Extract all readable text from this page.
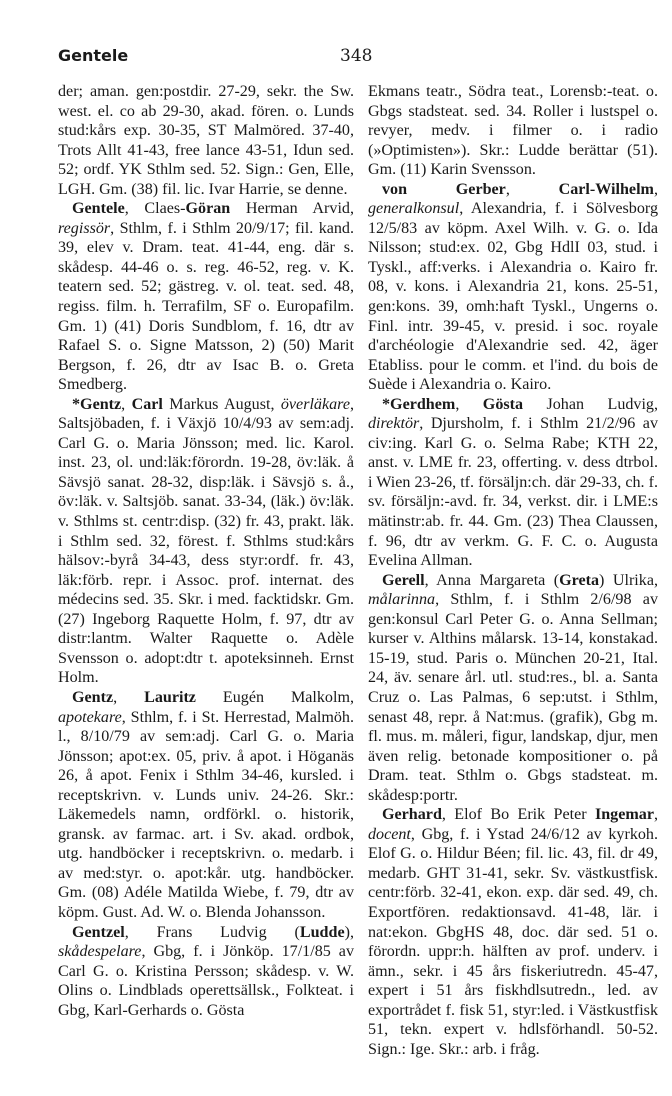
Gentele	348

der; aman. gen:postdir. 27-29, sekr. the Sw. west. el. co ab 29-30, akad. fören. o. Lunds stud:kårs exp. 30-35, ST Malmöred. 37-40, Trots Allt 41-43, free lance 43-51, Idun sed. 52; ordf. YK Sthlm sed. 52. Sign.: Gen, Elle, LGH. Gm. (38) fil. lic. Ivar Harrie, se denne.

Gentele, Claes-Göran Herman Arvid, regissör, Sthlm, f. i Sthlm 20/9/17; fil. kand. 39, elev v. Dram. teat. 41-44, eng. där s. skådesp. 44-46 o. s. reg. 46-52, reg. v. K. teatern sed. 52; gästreg. v. ol. teat. sed. 48, regiss. film. h. Terrafilm, SF o. Europafilm. Gm. 1) (41) Doris Sundblom, f. 16, dtr av Rafael S. o. Signe Matsson, 2) (50) Marit Bergson, f. 26, dtr av Isac B. o. Greta Smedberg.

*Gentz, Carl Markus August, överläkare, Saltsjöbaden, f. i Växjö 10/4/93 av sem:adj. Carl G. o. Maria Jönsson; med. lic. Karol. inst. 23, ol. und:läk:förordn. 19-28, öv:läk. å Sävsjö sanat. 28-32, disp:läk. i Sävsjö s. å., öv:läk. v. Saltsjöb. sanat. 33-34, (läk.) öv:läk. v. Sthlms st. centr:disp. (32) fr. 43, prakt. läk. i Sthlm sed. 32, förest. f. Sthlms stud:kårs hälsov:-byrå 34-43, dess styr:ordf. fr. 43, läk:förb. repr. i Assoc. prof. internat. des médecins sed. 35. Skr. i med. facktidskr. Gm. (27) Ingeborg Raquette Holm, f. 97, dtr av distr:lantm. Walter Raquette o. Adèle Svensson o. adopt:dtr t. apoteksinneh. Ernst Holm.

Gentz, Lauritz Eugén Malkolm, apotekare, Sthlm, f. i St. Herrestad, Malmöh. l., 8/10/79 av sem:adj. Carl G. o. Maria Jönsson; apot:ex. 05, priv. å apot. i Höganäs 26, å apot. Fenix i Sthlm 34-46, kursled. i receptskrivn. v. Lunds univ. 24-26. Skr.: Läkemedels namn, ordförkl. o. historik, gransk. av farmac. art. i Sv. akad. ordbok, utg. handböcker i receptskrivn. o. medarb. i av med:styr. o. apot:kår. utg. handböcker. Gm. (08) Adéle Matilda Wiebe, f. 79, dtr av köpm. Gust. Ad. W. o. Blenda Johansson.

Gentzel, Frans Ludvig (Ludde), skådespelare, Gbg, f. i Jönköp. 17/1/85 av Carl G. o. Kristina Persson; skådesp. v. W. Olins o. Lindblads operettsällsk., Folkteat. i Gbg, Karl-Gerhards o. Gösta

Ekmans teatr., Södra teat., Lorensb:-teat. o. Gbgs stadsteat. sed. 34. Roller i lustspel o. revyer, medv. i filmer o. i radio (»Optimisten»). Skr.: Ludde berättar (51). Gm. (11) Karin Svensson.

von Gerber, Carl-Wilhelm, generalkonsul, Alexandria, f. i Sölvesborg 12/5/83 av köpm. Axel Wilh. v. G. o. Ida Nilsson; stud:ex. 02, Gbg HdlI 03, stud. i Tyskl., aff:verks. i Alexandria o. Kairo fr. 08, v. kons. i Alexandria 21, kons. 25-51, gen:kons. 39, omh:haft Tyskl., Ungerns o. Finl. intr. 39-45, v. presid. i soc. royale d'archéologie d'Alexandrie sed. 42, äger Etabliss. pour le comm. et l'ind. du bois de Suède i Alexandria o. Kairo.

*Gerdhem, Gösta Johan Ludvig, direktör, Djursholm, f. i Sthlm 21/2/96 av civ:ing. Karl G. o. Selma Rabe; KTH 22, anst. v. LME fr. 23, offerting. v. dess dtrbol. i Wien 23-26, tf. försäljn:ch. där 29-33, ch. f. sv. försäljn:-avd. fr. 34, verkst. dir. i LME:s mätinstr:ab. fr. 44. Gm. (23) Thea Claussen, f. 96, dtr av verkm. G. F. C. o. Augusta Evelina Allman.

Gerell, Anna Margareta (Greta) Ulrika, målarinna, Sthlm, f. i Sthlm 2/6/98 av gen:konsul Carl Peter G. o. Anna Sellman; kurser v. Althins målarsk. 13-14, konstakad. 15-19, stud. Paris o. München 20-21, Ital. 24, äv. senare årl. utl. stud:res., bl. a. Santa Cruz o. Las Palmas, 6 sep:utst. i Sthlm, senast 48, repr. å Nat:mus. (grafik), Gbg m. fl. mus. m. måleri, figur, landskap, djur, men även relig. betonade kompositioner o. på Dram. teat. Sthlm o. Gbgs stadsteat. m. skådesp:portr.

Gerhard, Elof Bo Erik Peter Ingemar, docent, Gbg, f. i Ystad 24/6/12 av kyrkoh. Elof G. o. Hildur Béen; fil. lic. 43, fil. dr 49, medarb. GHT 31-41, sekr. Sv. västkustfisk. centr:förb. 32-41, ekon. exp. där sed. 49, ch. Exportfören. redaktionsavd. 41-48, lär. i nat:ekon. GbgHS 48, doc. där sed. 51 o. förordn. uppr:h. hälften av prof. underv. i ämn., sekr. i 45 års fiskeriutredn. 45-47, expert i 51 års fiskhdlsutredn., led. av exportrådet f. fisk 51, styr:led. i Västkustfisk 51, tekn. expert v. hdlsförhandl. 50-52. Sign.: Ige. Skr.: arb. i fråg.
